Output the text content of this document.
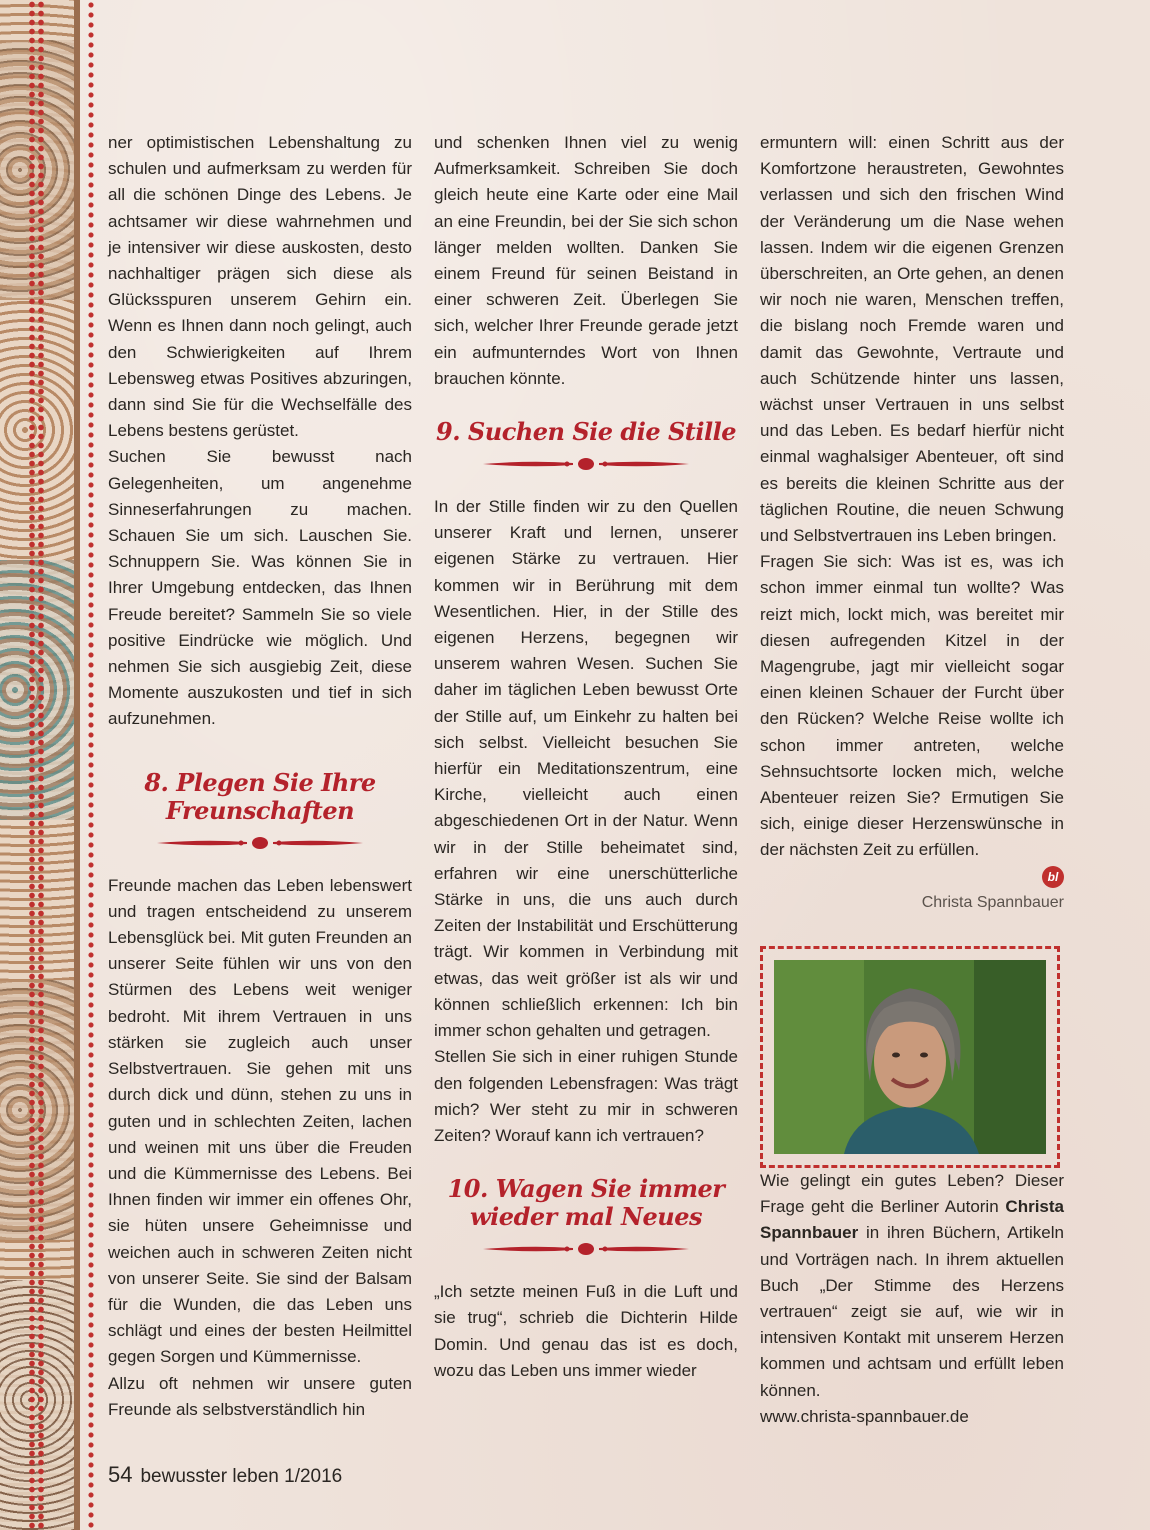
ner optimistischen Lebenshaltung zu schulen und aufmerksam zu werden für all die schönen Dinge des Lebens. Je achtsamer wir diese wahrnehmen und je intensiver wir diese auskosten, desto nachhaltiger prägen sich diese als Glücksspuren unserem Gehirn ein. Wenn es Ihnen dann noch gelingt, auch den Schwierigkeiten auf Ihrem Lebensweg etwas Positives abzuringen, dann sind Sie für die Wechselfälle des Lebens bestens gerüstet.

Suchen Sie bewusst nach Gelegenheiten, um angenehme Sinneserfahrungen zu machen. Schauen Sie um sich. Lauschen Sie. Schnuppern Sie. Was können Sie in Ihrer Umgebung entdecken, das Ihnen Freude bereitet? Sammeln Sie so viele positive Eindrücke wie möglich. Und nehmen Sie sich ausgiebig Zeit, diese Momente auszukosten und tief in sich aufzunehmen.

8. Plegen Sie Ihre
Freunschaften

Freunde machen das Leben lebenswert und tragen entscheidend zu unserem Lebensglück bei. Mit guten Freunden an unserer Seite fühlen wir uns von den Stürmen des Lebens weit weniger bedroht. Mit ihrem Vertrauen in uns stärken sie zugleich auch unser Selbstvertrauen. Sie gehen mit uns durch dick und dünn, stehen zu uns in guten und in schlechten Zeiten, lachen und weinen mit uns über die Freuden und die Kümmernisse des Lebens. Bei Ihnen finden wir immer ein offenes Ohr, sie hüten unsere Geheimnisse und weichen auch in schweren Zeiten nicht von unserer Seite. Sie sind der Balsam für die Wunden, die das Leben uns schlägt und eines der besten Heilmittel gegen Sorgen und Kümmernisse.

Allzu oft nehmen wir unsere guten Freunde als selbstverständlich hin

und schenken Ihnen viel zu wenig Aufmerksamkeit. Schreiben Sie doch gleich heute eine Karte oder eine Mail an eine Freundin, bei der Sie sich schon länger melden wollten. Danken Sie einem Freund für seinen Beistand in einer schweren Zeit. Überlegen Sie sich, welcher Ihrer Freunde gerade jetzt ein aufmunterndes Wort von Ihnen brauchen könnte.

9. Suchen Sie die Stille

In der Stille finden wir zu den Quellen unserer Kraft und lernen, unserer eigenen Stärke zu vertrauen. Hier kommen wir in Berührung mit dem Wesentlichen. Hier, in der Stille des eigenen Herzens, begegnen wir unserem wahren Wesen. Suchen Sie daher im täglichen Leben bewusst Orte der Stille auf, um Einkehr zu halten bei sich selbst. Vielleicht besuchen Sie hierfür ein Meditationszentrum, eine Kirche, vielleicht auch einen abgeschiedenen Ort in der Natur. Wenn wir in der Stille beheimatet sind, erfahren wir eine unerschütterliche Stärke in uns, die uns auch durch Zeiten der Instabilität und Erschütterung trägt. Wir kommen in Verbindung mit etwas, das weit größer ist als wir und können schließlich erkennen: Ich bin immer schon gehalten und getragen.

Stellen Sie sich in einer ruhigen Stunde den folgenden Lebensfragen: Was trägt mich? Wer steht zu mir in schweren Zeiten? Worauf kann ich vertrauen?

10. Wagen Sie immer
wieder mal Neues

„Ich setzte meinen Fuß in die Luft und sie trug“, schrieb die Dichterin Hilde Domin. Und genau das ist es doch, wozu das Leben uns immer wieder

ermuntern will: einen Schritt aus der Komfortzone heraustreten, Gewohntes verlassen und sich den frischen Wind der Veränderung um die Nase wehen lassen. Indem wir die eigenen Grenzen überschreiten, an Orte gehen, an denen wir noch nie waren, Menschen treffen, die bislang noch Fremde waren und damit das Gewohnte, Vertraute und auch Schützende hinter uns lassen, wächst unser Vertrauen in uns selbst und das Leben. Es bedarf hierfür nicht einmal waghalsiger Abenteuer, oft sind es bereits die kleinen Schritte aus der täglichen Routine, die neuen Schwung und Selbstvertrauen ins Leben bringen.

Fragen Sie sich: Was ist es, was ich schon immer einmal tun wollte? Was reizt mich, lockt mich, was bereitet mir diesen aufregenden Kitzel in der Magengrube, jagt mir vielleicht sogar einen kleinen Schauer der Furcht über den Rücken? Welche Reise wollte ich schon immer antreten, welche Sehnsuchtsorte locken mich, welche Abenteuer reizen Sie? Ermutigen Sie sich, einige dieser Herzenswünsche in der nächsten Zeit zu erfüllen.

bl
Christa Spannbauer

Wie gelingt ein gutes Leben? Dieser Frage geht die Berliner Autorin Christa Spannbauer in ihren Büchern, Artikeln und Vorträgen nach. In ihrem aktuellen Buch „Der Stimme des Herzens vertrauen“ zeigt sie auf, wie wir in intensiven Kontakt mit unserem Herzen kommen und achtsam und erfüllt leben können.

www.christa-spannbauer.de

54 bewusster leben 1/2016
